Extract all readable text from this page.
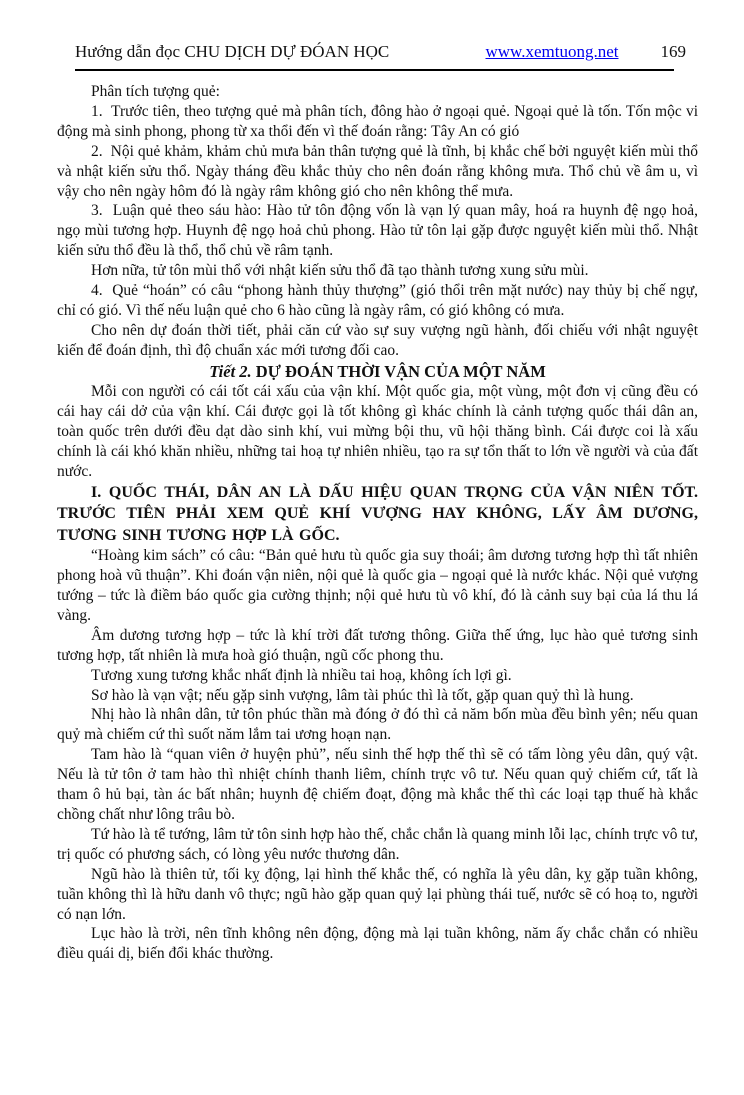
Hướng dẫn đọc CHU DỊCH DỰ ĐÓAN HỌC	www.xemtuong.net 169

Phân tích tượng quẻ:

1.  Trước tiên, theo tượng quẻ mà phân tích, đông hào ở ngoại quẻ. Ngoại quẻ là tốn. Tốn mộc vi động mà sinh phong, phong từ xa thổi đến vì thế đoán rằng: Tây An có gió

2.  Nội quẻ khảm, khảm chủ mưa bản thân tượng quẻ là tĩnh, bị khắc chế bởi nguyệt kiến mùi thổ và nhật kiến sửu thổ. Ngày tháng đều khắc thủy cho nên đoán rằng không mưa. Thổ chủ về âm u, vì vậy cho nên ngày hôm đó là ngày râm không gió cho nên không thể mưa.

3.  Luận quẻ theo sáu hào: Hào tử tôn động vốn là vạn lý quan mây, hoá ra huynh đệ ngọ hoả, ngọ mùi tương hợp. Huynh đệ ngọ hoả chủ phong. Hào tử tôn lại gặp được nguyệt kiến mùi thổ. Nhật kiến sửu thổ đều là thổ, thổ chủ về râm tạnh.

Hơn nữa, tử tôn mùi thổ với nhật kiến sửu thổ đã tạo thành tương xung sửu mùi.

4.  Quẻ “hoán” có câu “phong hành thủy thượng” (gió thổi trên mặt nước) nay thủy bị chế ngự, chỉ có gió. Vì thế nếu luận quẻ cho 6 hào cũng là ngày râm, có gió không có mưa.

Cho nên dự đoán thời tiết, phải căn cứ vào sự suy vượng ngũ hành, đối chiếu với nhật nguyệt kiến để đoán định, thì độ chuẩn xác mới tương đối cao.

Tiết 2. DỰ ĐOÁN THỜI VẬN CỦA MỘT NĂM

Mỗi con người có cái tốt cái xấu của vận khí. Một quốc gia, một vùng, một đơn vị cũng đều có cái hay cái dở của vận khí. Cái được gọi là tốt không gì khác chính là cảnh tượng quốc thái dân an, toàn quốc trên dưới đều dạt dào sinh khí, vui mừng bội thu, vũ hội thăng bình. Cái được coi là xấu chính là cái khó khăn nhiều, những tai hoạ tự nhiên nhiều, tạo ra sự tổn thất to lớn về người và của đất nước.

I. QUỐC THÁI, DÂN AN LÀ DẤU HIỆU QUAN TRỌNG CỦA VẬN NIÊN TỐT. TRƯỚC TIÊN PHẢI XEM QUẺ KHÍ VƯỢNG HAY KHÔNG, LẤY ÂM DƯƠNG, TƯƠNG SINH TƯƠNG HỢP LÀ GỐC.

“Hoàng kim sách” có câu: “Bản quẻ hưu tù quốc gia suy thoái; âm dương tương hợp thì tất nhiên phong hoà vũ thuận”. Khi đoán vận niên, nội quẻ là quốc gia – ngoại quẻ là nước khác. Nội quẻ vượng tướng – tức là điềm báo quốc gia cường thịnh; nội quẻ hưu tù vô khí, đó là cảnh suy bại của lá thu lá vàng.

Âm dương tương hợp – tức là khí trời đất tương thông. Giữa thế ứng, lục hào quẻ tương sinh tương hợp, tất nhiên là mưa hoà gió thuận, ngũ cốc phong thu.

Tương xung tương khắc nhất định là nhiều tai hoạ, không ích lợi gì.

Sơ hào là vạn vật; nếu gặp sinh vượng, lâm tài phúc thì là tốt, gặp quan quỷ thì là hung.

Nhị hào là nhân dân, tử tôn phúc thần mà đóng ở đó thì cả năm bốn mùa đều bình yên; nếu quan quỷ mà chiếm cứ thì suốt năm lắm tai ương hoạn nạn.

Tam hào là “quan viên ở huyện phủ”, nếu sinh thế hợp thế thì sẽ có tấm lòng yêu dân, quý vật. Nếu là tử tôn ở tam hào thì nhiệt chính thanh liêm, chính trực vô tư. Nếu quan quỷ chiếm cứ, tất là tham ô hủ bại, tàn ác bất nhân; huynh đệ chiếm đoạt, động mà khắc thế thì các loại tạp thuế hà khắc chồng chất như lông trâu bò.

Tứ hào là tể tướng, lâm tử tôn sinh hợp hào thế, chắc chắn là quang minh lỗi lạc, chính trực vô tư, trị quốc có phương sách, có lòng yêu nước thương dân.

Ngũ hào là thiên tử, tối kỵ động, lại hình thế khắc thế, có nghĩa là yêu dân, kỵ gặp tuần không, tuần không thì là hữu danh vô thực; ngũ hào gặp quan quỷ lại phùng thái tuế, nước sẽ có hoạ to, người có nạn lớn.

Lục hào là trời, nên tĩnh không nên động, động mà lại tuần không, năm ấy chắc chắn có nhiều điều quái dị, biến đổi khác thường.
